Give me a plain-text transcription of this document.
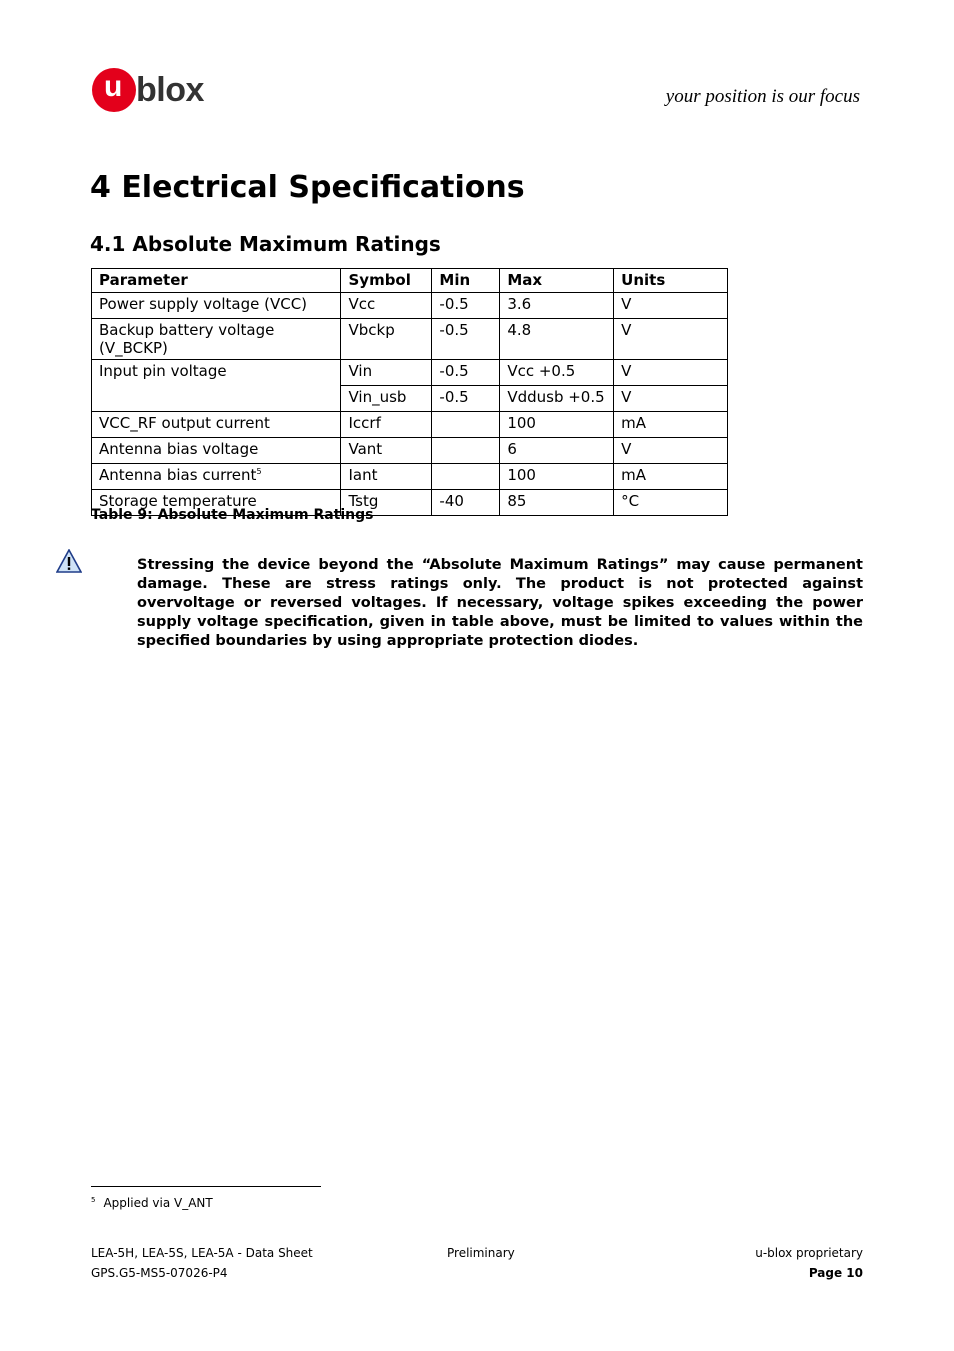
u blox	your position is our focus
4 Electrical Specifications
4.1 Absolute Maximum Ratings
Parameter	Symbol	Min	Max	Units
Power supply voltage (VCC)	Vcc	-0.5	3.6	V
Backup battery voltage (V_BCKP)	Vbckp	-0.5	4.8	V
Input pin voltage	Vin	-0.5	Vcc +0.5	V
	Vin_usb	-0.5	Vddusb +0.5	V
VCC_RF output current	Iccrf		100	mA
Antenna bias voltage	Vant		6	V
Antenna bias current$^5$	Iant		100	mA
Storage temperature	Tstg	-40	85	°C
Table 9: Absolute Maximum Ratings
Stressing the device beyond the “Absolute Maximum Ratings” may cause permanent damage. These are stress ratings only. The product is not protected against overvoltage or reversed voltages. If necessary, voltage spikes exceeding the power supply voltage specification, given in table above, must be limited to values within the specified boundaries by using appropriate protection diodes.
$^5$ Applied via V_ANT
LEA-5H, LEA-5S, LEA-5A - Data Sheet
GPS.G5-MS5-07026-P4
Preliminary	u-blox proprietary
Page 10
